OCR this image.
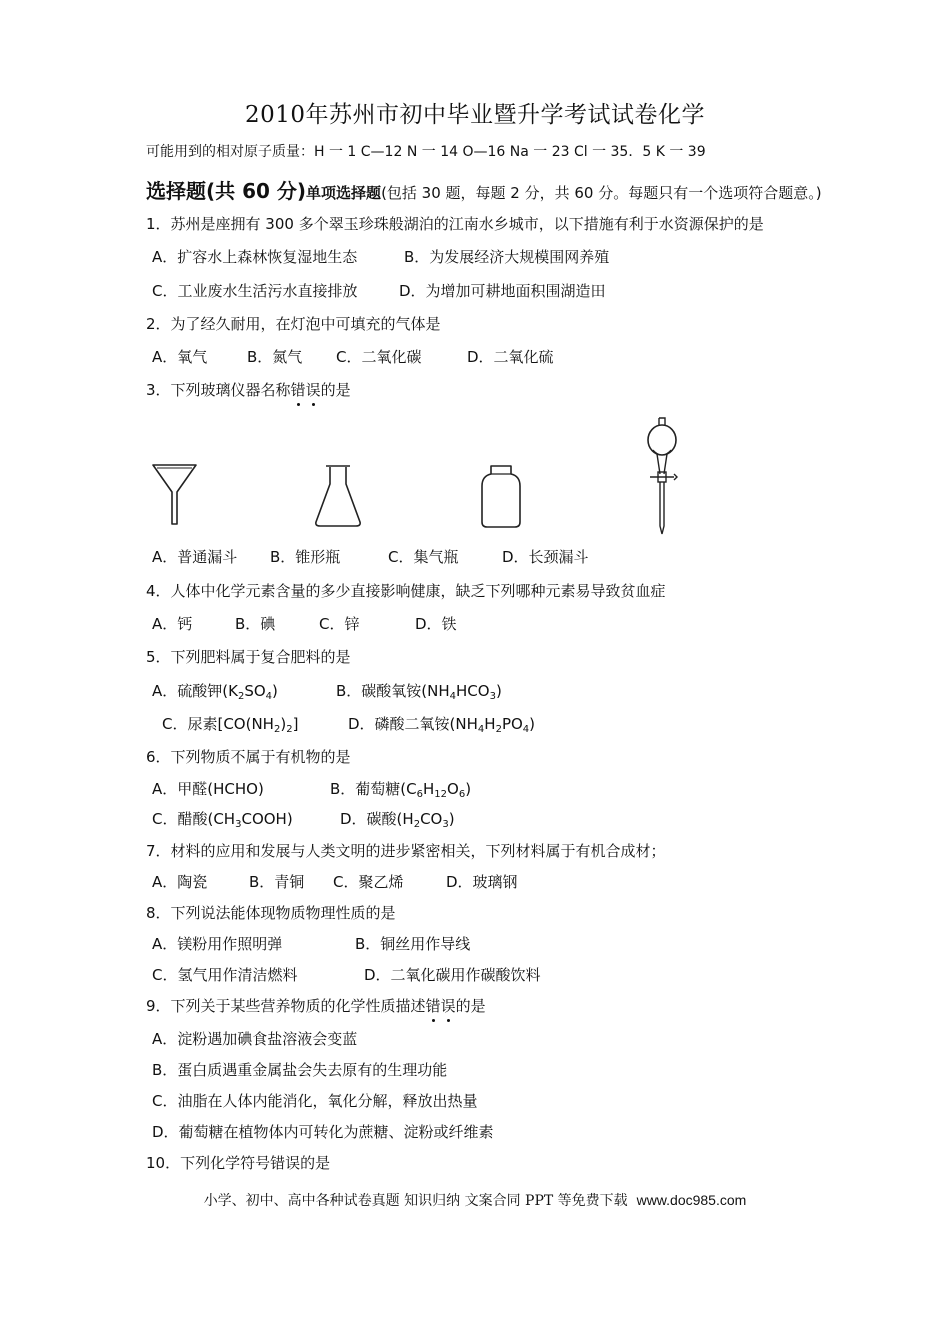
2010年苏州市初中毕业暨升学考试试卷化学
可能用到的相对原子质量：H 一 1 C—12 N 一 14 O—16 Na 一 23 Cl 一 35．5 K 一 39
选择题(共 60 分)单项选择题(包括 30 题，每题 2 分，共 60 分。每题只有一个选项符合题意。)
1．苏州是座拥有 300 多个翠玉珍珠般湖泊的江南水乡城市，以下措施有利于水资源保护的是
A．扩容水上森林恢复湿地生态	B．为发展经济大规模围网养殖
C．工业废水生活污水直接排放	D．为增加可耕地面积围湖造田
2．为了经久耐用，在灯泡中可填充的气体是
A．氧气	B．氮气 C．二氧化碳	D．二氧化硫
3．下列玻璃仪器名称错误的是
A．普通漏斗 B．锥形瓶	C．集气瓶	D．长颈漏斗
4．人体中化学元素含量的多少直接影响健康，缺乏下列哪种元素易导致贫血症
A．钙	B．碘	C．锌	D．铁
5．下列肥料属于复合肥料的是
A．硫酸钾$(K_2SO_4)$	B．碳酸氧铵$(NH_4HCO_3)$
C．尿素$[CO(NH_2)_2]$	D．磷酸二氧铵$(NH_4H_2PO_4)$
6．下列物质不属于有机物的是
A．甲醛(HCHO)	B．葡萄糖$(C_6H_{12}O_6)$
C．醋酸$(CH_3COOH)$	D．碳酸$(H_2CO_3)$
7．材料的应用和发展与人类文明的进步紧密相关，下列材料属于有机合成材；
A．陶瓷	B．青铜 C．聚乙烯	D．玻璃钢
8．下列说法能体现物质物理性质的是
A．镁粉用作照明弹	B．铜丝用作导线
C．氢气用作清洁燃料	D．二氧化碳用作碳酸饮料
9．下列关于某些营养物质的化学性质描述错误的是
A．淀粉遇加碘食盐溶液会变蓝
B．蛋白质遇重金属盐会失去原有的生理功能
C．油脂在人体内能消化，氧化分解，释放出热量
D．葡萄糖在植物体内可转化为蔗糖、淀粉或纤维素
10．下列化学符号错误的是
小学、初中、高中各种试卷真题 知识归纳 文案合同 PPT 等免费下载 www.doc985.com
